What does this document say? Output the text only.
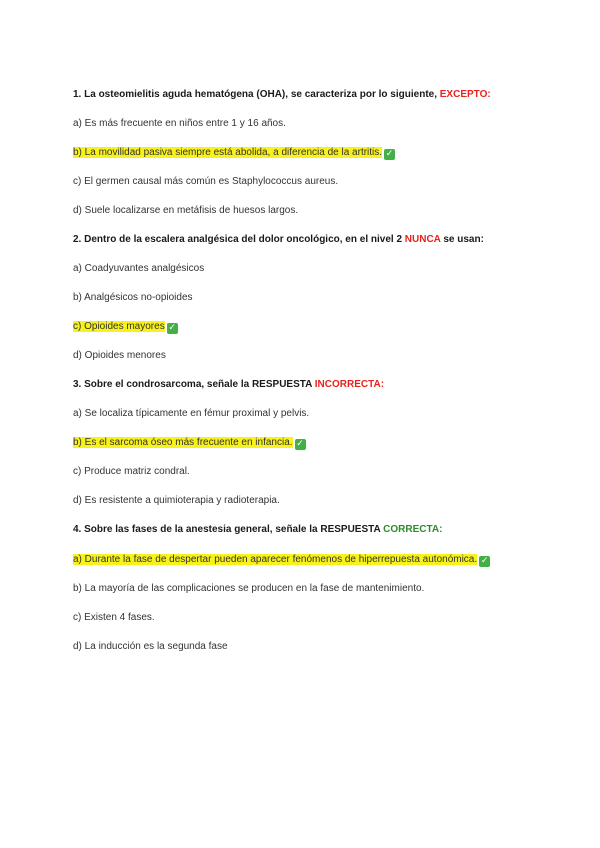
1. La osteomielitis aguda hematógena (OHA), se caracteriza por lo siguiente, EXCEPTO:
a) Es más frecuente en niños entre 1 y 16 años.
b) La movilidad pasiva siempre está abolida, a diferencia de la artritis. ✓
c) El germen causal más común es Staphylococcus aureus.
d) Suele localizarse en metáfisis de huesos largos.
2. Dentro de la escalera analgésica del dolor oncológico, en el nivel 2 NUNCA se usan:
a) Coadyuvantes analgésicos
b) Analgésicos no-opioides
c) Opioides mayores ✓
d) Opioides menores
3. Sobre el condrosarcoma, señale la RESPUESTA INCORRECTA:
a) Se localiza típicamente en fémur proximal y pelvis.
b) Es el sarcoma óseo más frecuente en infancia. ✓
c) Produce matriz condral.
d) Es resistente a quimioterapia y radioterapia.
4. Sobre las fases de la anestesia general, señale la RESPUESTA CORRECTA:
a) Durante la fase de despertar pueden aparecer fenómenos de hiperrepuesta autonómica. ✓
b) La mayoría de las complicaciones se producen en la fase de mantenimiento.
c) Existen 4 fases.
d) La inducción es la segunda fase
